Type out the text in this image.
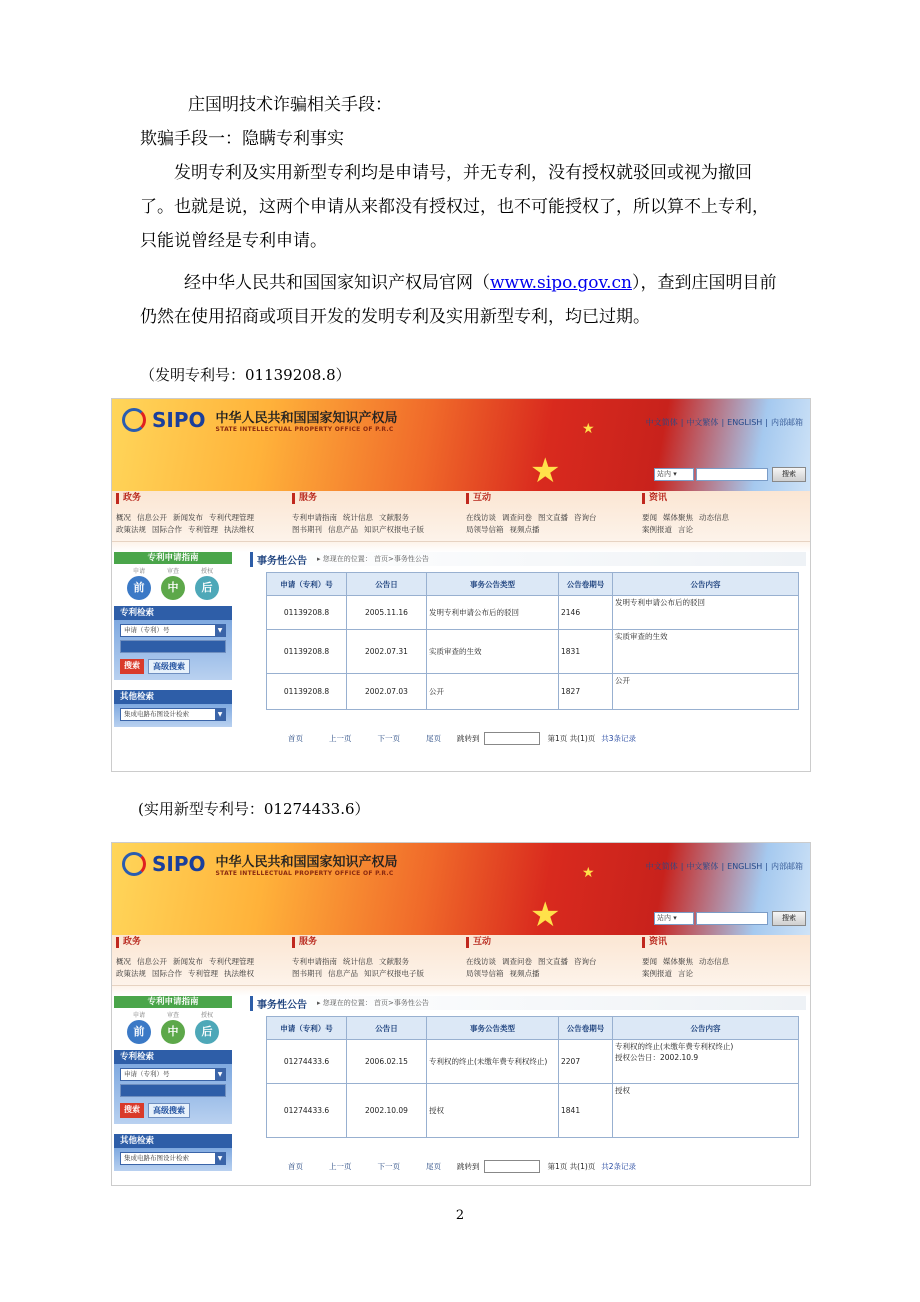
庄国明技术诈骗相关手段：

欺骗手段一：隐瞒专利事实

发明专利及实用新型专利均是申请号，并无专利，没有授权就驳回或视为撤回了。也就是说，这两个申请从来都没有授权过，也不可能授权了，所以算不上专利，只能说曾经是专利申请。

经中华人民共和国国家知识产权局官网（www.sipo.gov.cn），查到庄国明目前仍然在使用招商或项目开发的发明专利及实用新型专利，均已过期。

（发明专利号：01139208.8）
SIPO 中华人民共和国国家知识产权局
STATE INTELLECTUAL PROPERTY OFFICE OF P.R.C
★
★	中文简体 | 中文繁体 | ENGLISH | 内部邮箱
站内 ▾	搜索
政务
概况 信息公开 新闻发布 专利代理管理
政策法规 国际合作 专利管理 执法维权
服务
专利申请指南 统计信息 文献服务
图书期刊 信息产品 知识产权报电子版
互动
在线访谈 调查问卷 图文直播 咨询台
局领导信箱 视频点播
资讯
要闻 媒体聚焦 动态信息
案例报道 言论
专利申请指南
申请	审查	授权
前	中	后
专利检索
申请（专利）号	▼
搜索	高级搜索
其他检索
集成电路布图设计检索	▼
事务性公告 ▸ 您现在的位置： 首页>事务性公告
申请（专利）号	公告日	事务公告类型	公告卷期号	公告内容
01139208.8	2005.11.16	发明专利申请公布后的驳回	2146	发明专利申请公布后的驳回
01139208.8	2002.07.31	实质审查的生效	1831	实质审查的生效
01139208.8	2002.07.03	公开	1827	公开
首页	上一页	下一页	尾页 跳转到	第1页 共(1)页 共3条记录
(实用新型专利号：01274433.6）
SIPO 中华人民共和国国家知识产权局
STATE INTELLECTUAL PROPERTY OFFICE OF P.R.C
★
★	中文简体 | 中文繁体 | ENGLISH | 内部邮箱
站内 ▾	搜索
政务
概况 信息公开 新闻发布 专利代理管理
政策法规 国际合作 专利管理 执法维权
服务
专利申请指南 统计信息 文献服务
图书期刊 信息产品 知识产权报电子版
互动
在线访谈 调查问卷 图文直播 咨询台
局领导信箱 视频点播
资讯
要闻 媒体聚焦 动态信息
案例报道 言论
专利申请指南
申请	审查	授权
前	中	后
专利检索
申请（专利）号	▼
搜索	高级搜索
其他检索
集成电路布图设计检索	▼
事务性公告 ▸ 您现在的位置： 首页>事务性公告
申请（专利）号	公告日	事务公告类型	公告卷期号	公告内容
01274433.6	2006.02.15	专利权的终止(未缴年费专利权终止)	2207	专利权的终止(未缴年费专利权终止)
授权公告日：2002.10.9

01274433.6	2002.10.09	授权	1841	授权
首页	上一页	下一页	尾页 跳转到	第1页 共(1)页 共2条记录
2
